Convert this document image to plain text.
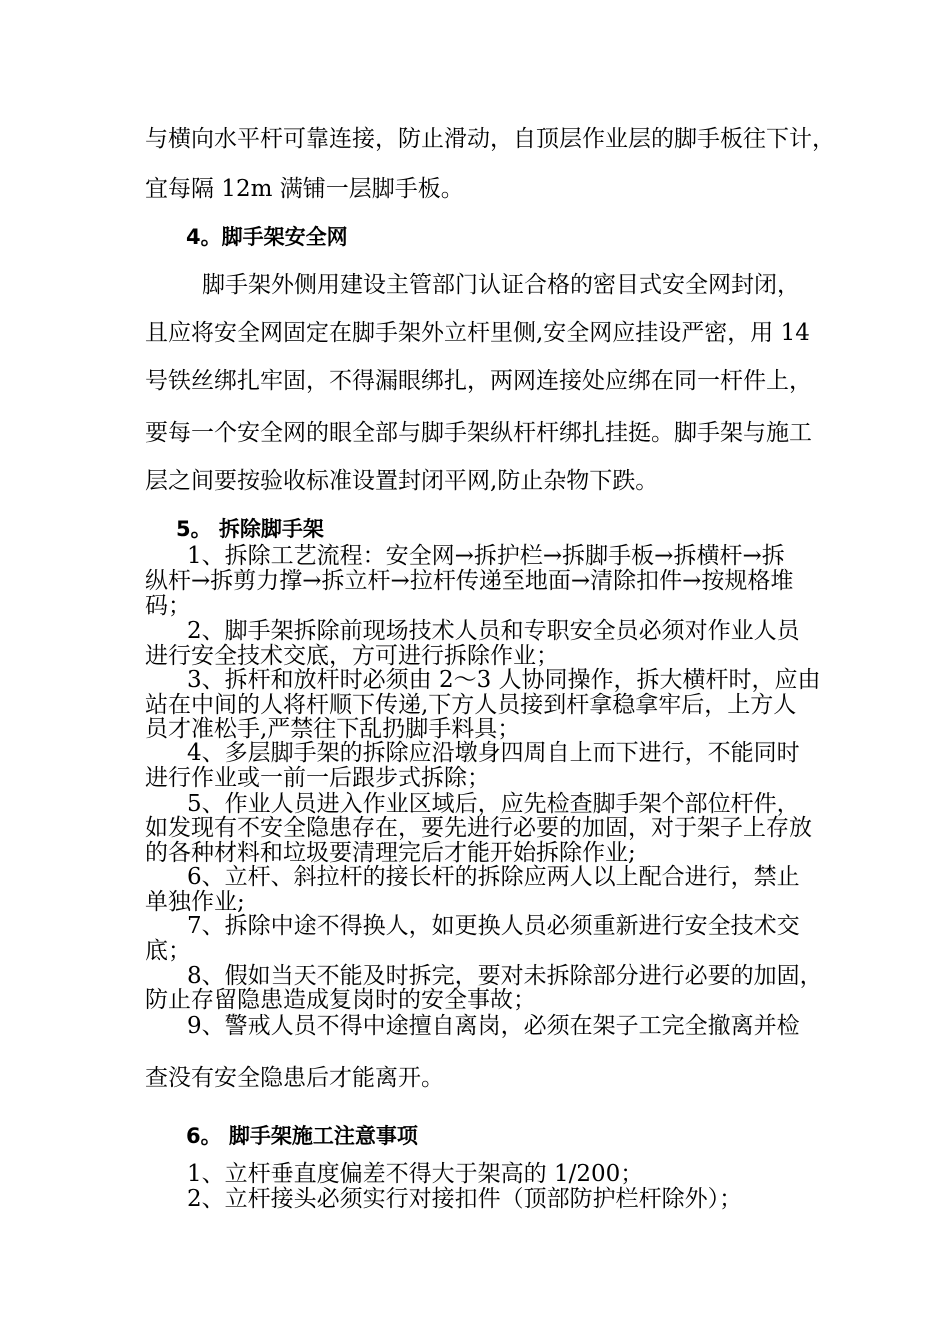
与横向水平杆可靠连接，防止滑动，自顶层作业层的脚手板往下计，
宜每隔 12m 满铺一层脚手板。
4。脚手架安全网
脚手架外侧用建设主管部门认证合格的密目式安全网封闭，
且应将安全网固定在脚手架外立杆里侧,安全网应挂设严密，用 14
号铁丝绑扎牢固，不得漏眼绑扎，两网连接处应绑在同一杆件上，
要每一个安全网的眼全部与脚手架纵杆杆绑扎挂挺。脚手架与施工
层之间要按验收标准设置封闭平网,防止杂物下跌。
5。 拆除脚手架
1、拆除工艺流程：安全网→拆护栏→拆脚手板→拆横杆→拆
纵杆→拆剪力撑→拆立杆→拉杆传递至地面→清除扣件→按规格堆
码；
2、脚手架拆除前现场技术人员和专职安全员必须对作业人员
进行安全技术交底，方可进行拆除作业；
3、拆杆和放杆时必须由 2～3 人协同操作，拆大横杆时，应由
站在中间的人将杆顺下传递,下方人员接到杆拿稳拿牢后，上方人
员才准松手,严禁往下乱扔脚手料具；
4、多层脚手架的拆除应沿墩身四周自上而下进行，不能同时
进行作业或一前一后跟步式拆除；
5、作业人员进入作业区域后，应先检查脚手架个部位杆件，
如发现有不安全隐患存在，要先进行必要的加固，对于架子上存放
的各种材料和垃圾要清理完后才能开始拆除作业;
6、立杆、斜拉杆的接长杆的拆除应两人以上配合进行，禁止
单独作业;
7、拆除中途不得换人，如更换人员必须重新进行安全技术交
底；
8、假如当天不能及时拆完，要对未拆除部分进行必要的加固，
防止存留隐患造成复岗时的安全事故；
9、警戒人员不得中途擅自离岗，必须在架子工完全撤离并检
查没有安全隐患后才能离开。
6。 脚手架施工注意事项
1、立杆垂直度偏差不得大于架高的 1/200；
2、立杆接头必须实行对接扣件（顶部防护栏杆除外）；
